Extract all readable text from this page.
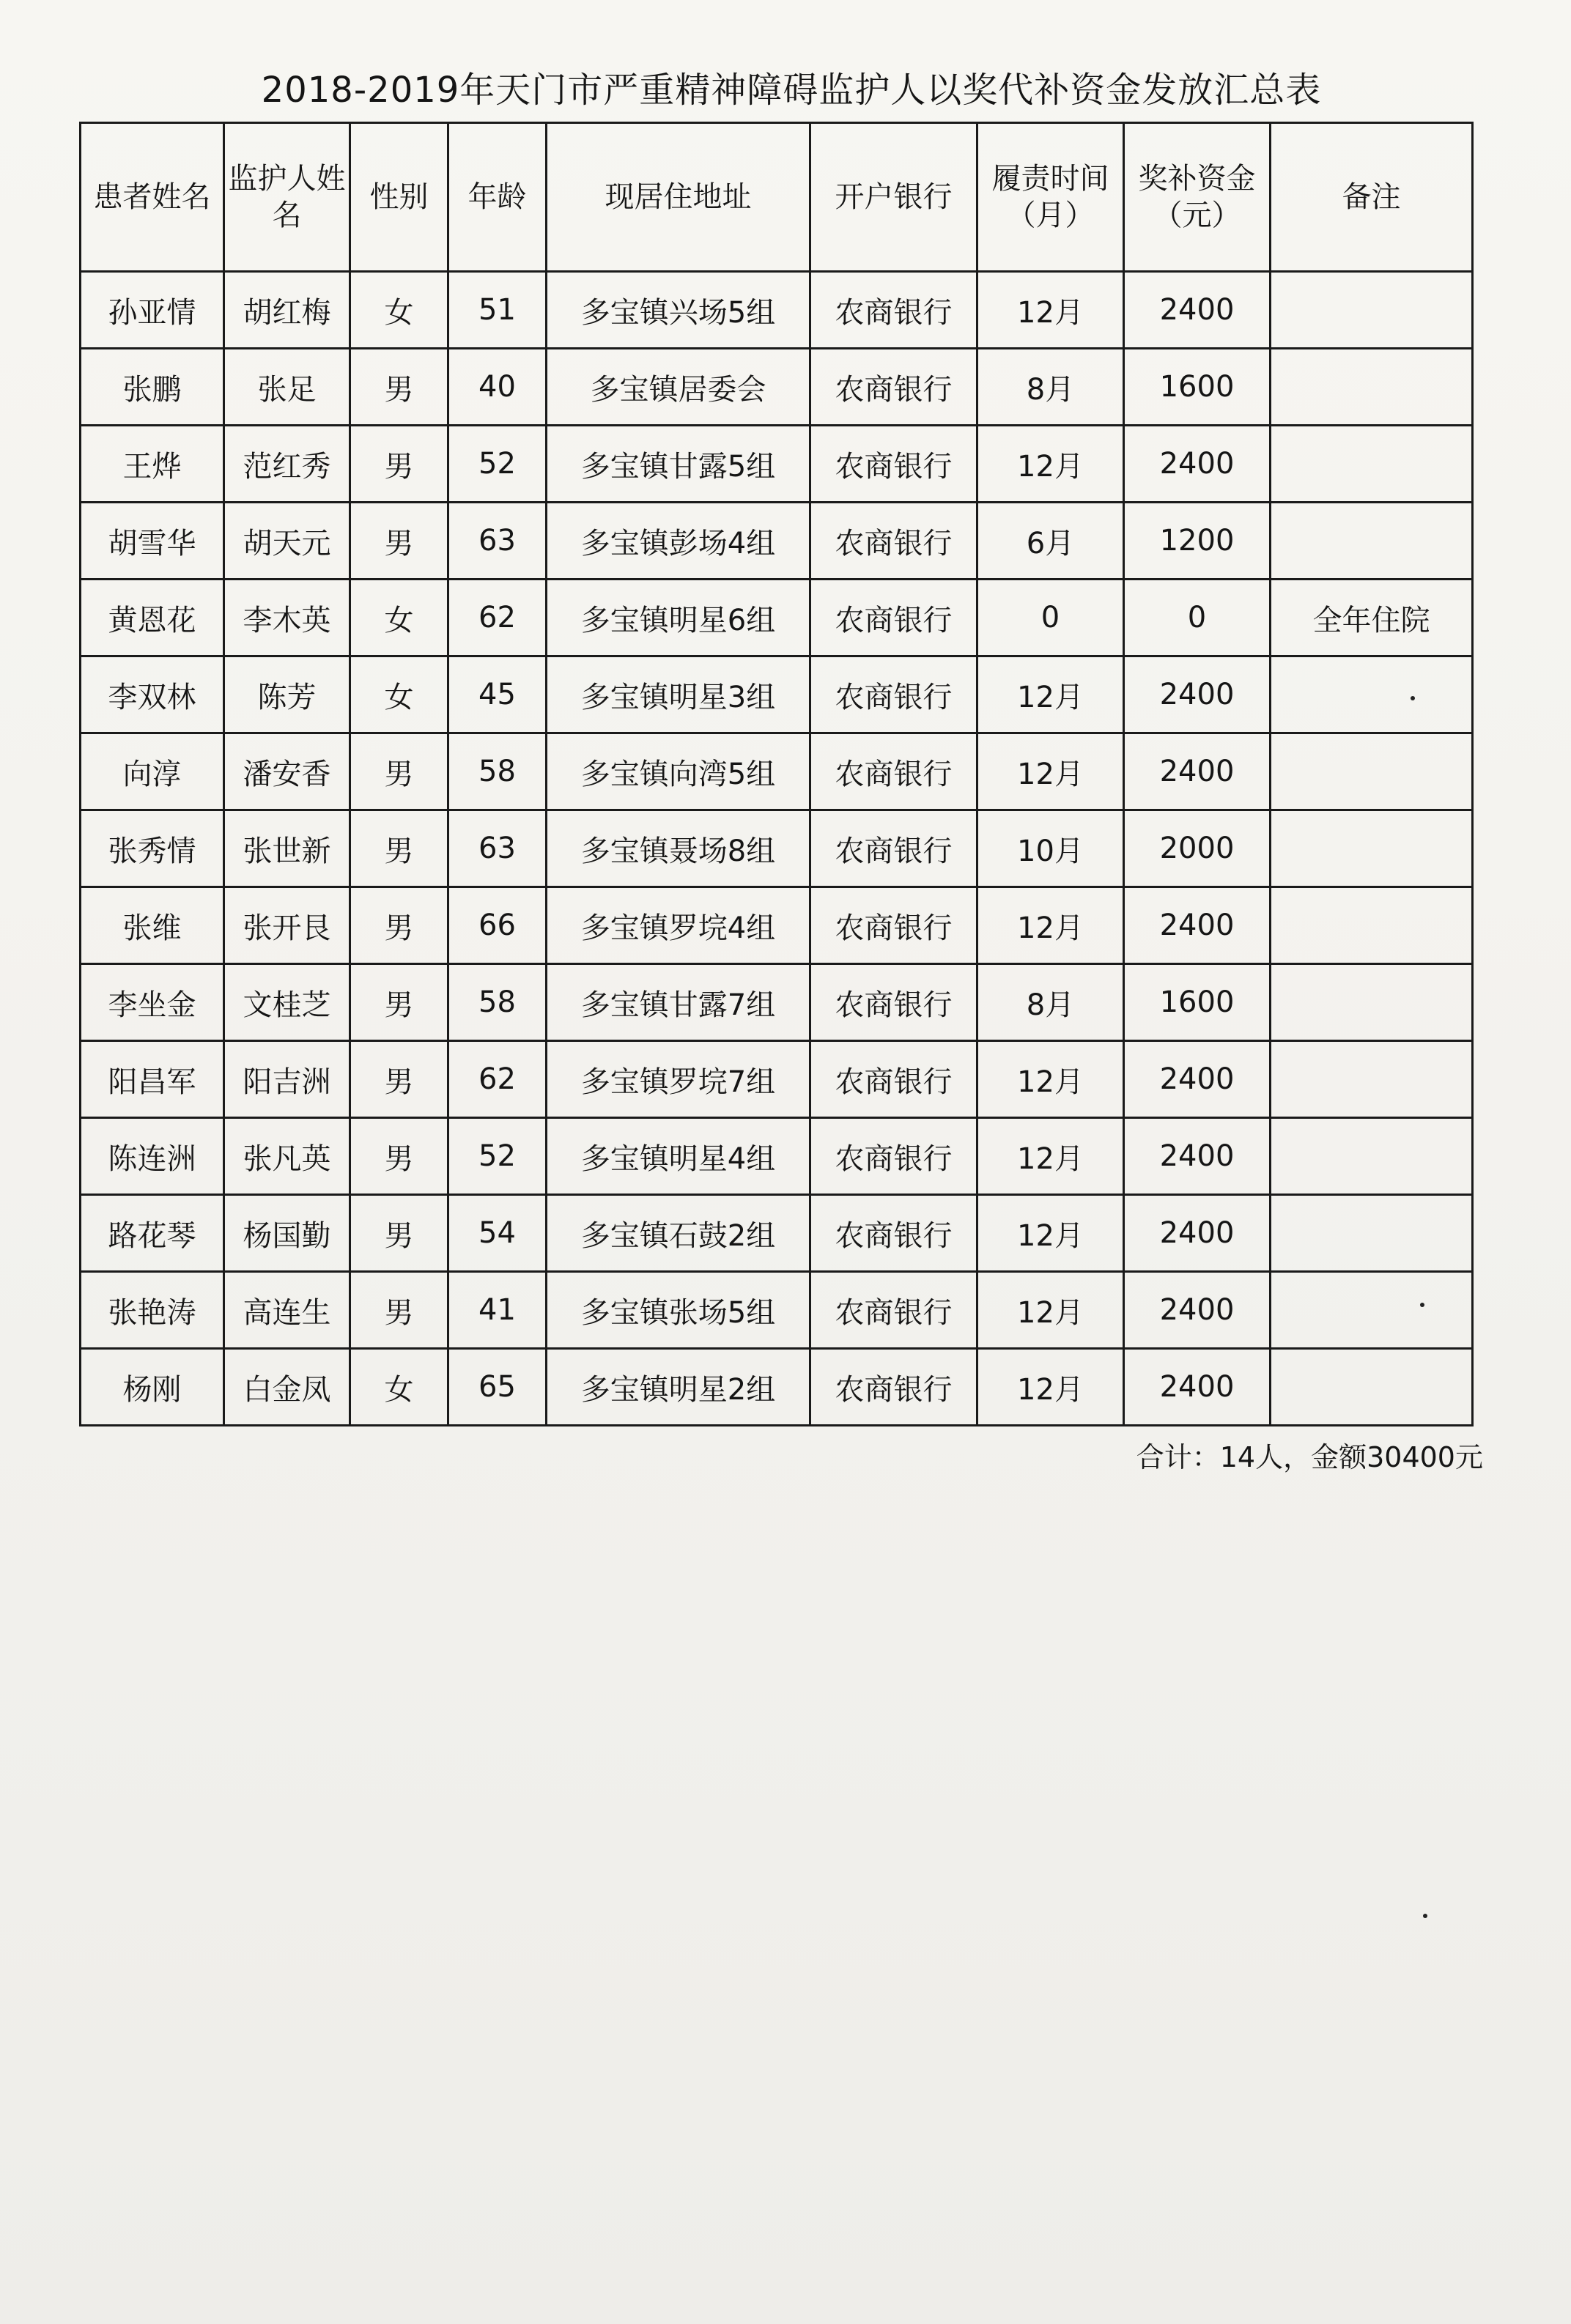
2018-2019年天门市严重精神障碍监护人以奖代补资金发放汇总表
患者姓名	监护人姓名	性别	年龄	现居住地址	开户银行	履责时间（月）	奖补资金（元）	备注
孙亚情	胡红梅	女	51	多宝镇兴场5组	农商银行	12月	2400	
张鹏	张足	男	40	多宝镇居委会	农商银行	8月	1600	
王烨	范红秀	男	52	多宝镇甘露5组	农商银行	12月	2400	
胡雪华	胡天元	男	63	多宝镇彭场4组	农商银行	6月	1200	
黄恩花	李木英	女	62	多宝镇明星6组	农商银行	0	0	全年住院
李双林	陈芳	女	45	多宝镇明星3组	农商银行	12月	2400	
向淳	潘安香	男	58	多宝镇向湾5组	农商银行	12月	2400	
张秀情	张世新	男	63	多宝镇聂场8组	农商银行	10月	2000	
张维	张开艮	男	66	多宝镇罗垸4组	农商银行	12月	2400	
李坐金	文桂芝	男	58	多宝镇甘露7组	农商银行	8月	1600	
阳昌军	阳吉洲	男	62	多宝镇罗垸7组	农商银行	12月	2400	
陈连洲	张凡英	男	52	多宝镇明星4组	农商银行	12月	2400	
路花琴	杨国勤	男	54	多宝镇石鼓2组	农商银行	12月	2400	
张艳涛	高连生	男	41	多宝镇张场5组	农商银行	12月	2400	
杨刚	白金凤	女	65	多宝镇明星2组	农商银行	12月	2400	
合计：14人，金额30400元
